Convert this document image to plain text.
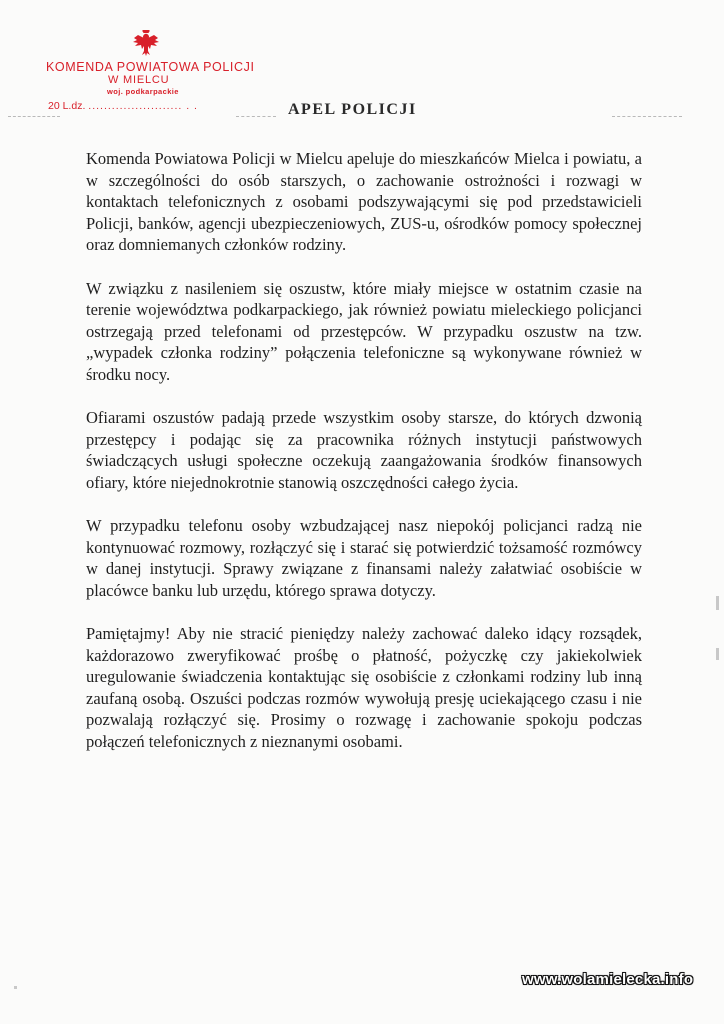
KOMENDA POWIATOWA POLICJI
W MIELCU
woj. podkarpackie
20 L.dz. ........................ . .	APEL POLICJI

Komenda Powiatowa Policji w Mielcu apeluje do mieszkańców Mielca i powiatu, a w szczególności do osób starszych, o zachowanie ostrożności i rozwagi w kontaktach telefonicznych z osobami podszywającymi się pod przedstawicieli Policji, banków, agencji ubezpieczeniowych, ZUS-u, ośrodków pomocy społecznej oraz domniemanych członków rodziny.

W związku z nasileniem się oszustw, które miały miejsce w ostatnim czasie na terenie województwa podkarpackiego, jak również powiatu mieleckiego policjanci ostrzegają przed telefonami od przestępców. W przypadku oszustw na tzw. „wypadek członka rodziny” połączenia telefoniczne są wykonywane również w środku nocy.

Ofiarami oszustów padają przede wszystkim osoby starsze, do których dzwonią przestępcy i podając się za pracownika różnych instytucji państwowych świadczących usługi społeczne oczekują zaangażowania środków finansowych ofiary, które niejednokrotnie stanowią oszczędności całego życia.

W przypadku telefonu osoby wzbudzającej nasz niepokój policjanci radzą nie kontynuować rozmowy, rozłączyć się i starać się potwierdzić tożsamość rozmówcy w danej instytucji. Sprawy związane z finansami należy załatwiać osobiście w placówce banku lub urzędu, którego sprawa dotyczy.

Pamiętajmy! Aby nie stracić pieniędzy należy zachować daleko idący rozsądek, każdorazowo zweryfikować prośbę o płatność, pożyczkę czy jakiekolwiek uregulowanie świadczenia kontaktując się osobiście z członkami rodziny lub inną zaufaną osobą. Oszuści podczas rozmów wywołują presję uciekającego czasu i nie pozwalają rozłączyć się. Prosimy o rozwagę i zachowanie spokoju podczas połączeń telefonicznych z nieznanymi osobami.

www.wolamielecka.info
